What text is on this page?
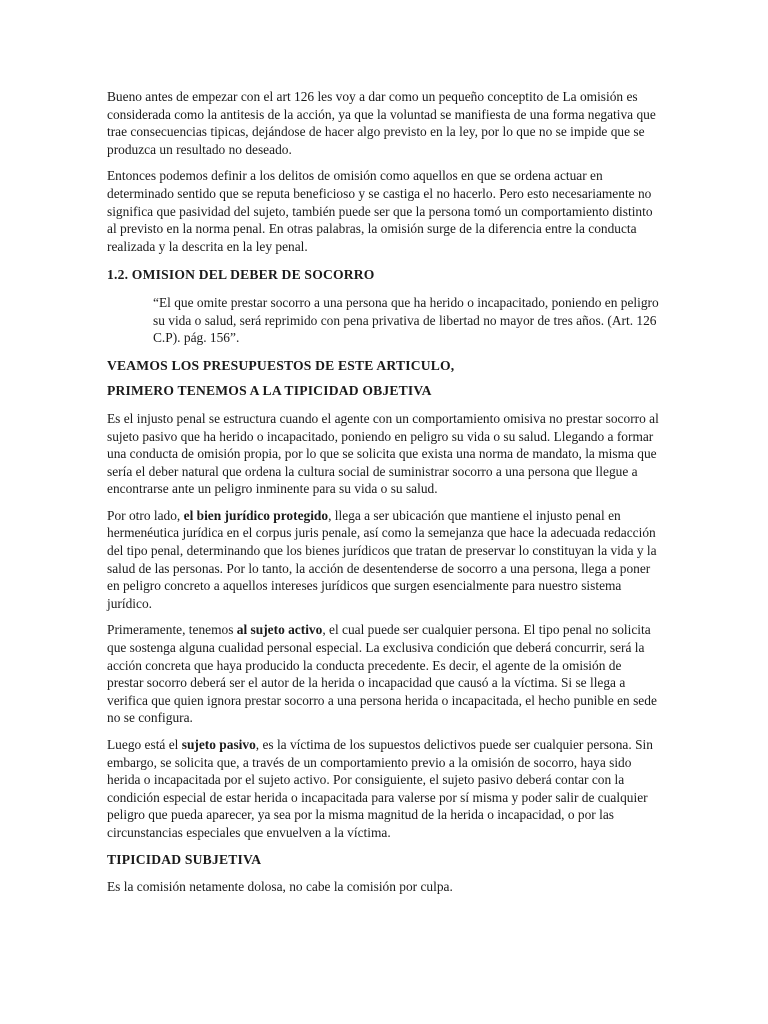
Bueno antes de empezar con el art 126 les voy a dar como un pequeño conceptito de La omisión es considerada como la antitesis de la acción, ya que la voluntad se manifiesta de una forma negativa que trae consecuencias tipicas, dejándose de hacer algo previsto en la ley, por lo que no se impide que se produzca un resultado no deseado.

Entonces podemos definir a los delitos de omisión como aquellos en que se ordena actuar en determinado sentido que se reputa beneficioso y se castiga el no hacerlo. Pero esto necesariamente no significa que pasividad del sujeto, también puede ser que la persona tomó un comportamiento distinto al previsto en la norma penal. En otras palabras, la omisión surge de la diferencia entre la conducta realizada y la descrita en la ley penal.

1.2. OMISION DEL DEBER DE SOCORRO

“El que omite prestar socorro a una persona que ha herido o incapacitado, poniendo en peligro su vida o salud, será reprimido con pena privativa de libertad no mayor de tres años. (Art. 126 C.P). pág. 156”.

VEAMOS LOS PRESUPUESTOS DE ESTE ARTICULO,

PRIMERO TENEMOS A LA TIPICIDAD OBJETIVA

Es el injusto penal se estructura cuando el agente con un comportamiento omisiva no prestar socorro al sujeto pasivo que ha herido o incapacitado, poniendo en peligro su vida o su salud. Llegando a formar una conducta de omisión propia, por lo que se solicita que exista una norma de mandato, la misma que sería el deber natural que ordena la cultura social de suministrar socorro a una persona que llegue a encontrarse ante un peligro inminente para su vida o su salud.

Por otro lado, el bien jurídico protegido, llega a ser ubicación que mantiene el injusto penal en hermenéutica jurídica en el corpus juris penale, así como la semejanza que hace la adecuada redacción del tipo penal, determinando que los bienes jurídicos que tratan de preservar lo constituyan la vida y la salud de las personas. Por lo tanto, la acción de desentenderse de socorro a una persona, llega a poner en peligro concreto a aquellos intereses jurídicos que surgen esencialmente para nuestro sistema jurídico.

Primeramente, tenemos al sujeto activo, el cual puede ser cualquier persona. El tipo penal no solicita que sostenga alguna cualidad personal especial. La exclusiva condición que deberá concurrir, será la acción concreta que haya producido la conducta precedente. Es decir, el agente de la omisión de prestar socorro deberá ser el autor de la herida o incapacidad que causó a la víctima. Si se llega a verifica que quien ignora prestar socorro a una persona herida o incapacitada, el hecho punible en sede no se configura.

Luego está el sujeto pasivo, es la víctima de los supuestos delictivos puede ser cualquier persona. Sin embargo, se solicita que, a través de un comportamiento previo a la omisión de socorro, haya sido herida o incapacitada por el sujeto activo. Por consiguiente, el sujeto pasivo deberá contar con la condición especial de estar herida o incapacitada para valerse por sí misma y poder salir de cualquier peligro que pueda aparecer, ya sea por la misma magnitud de la herida o incapacidad, o por las circunstancias especiales que envuelven a la víctima.

TIPICIDAD SUBJETIVA

Es la comisión netamente dolosa, no cabe la comisión por culpa.
